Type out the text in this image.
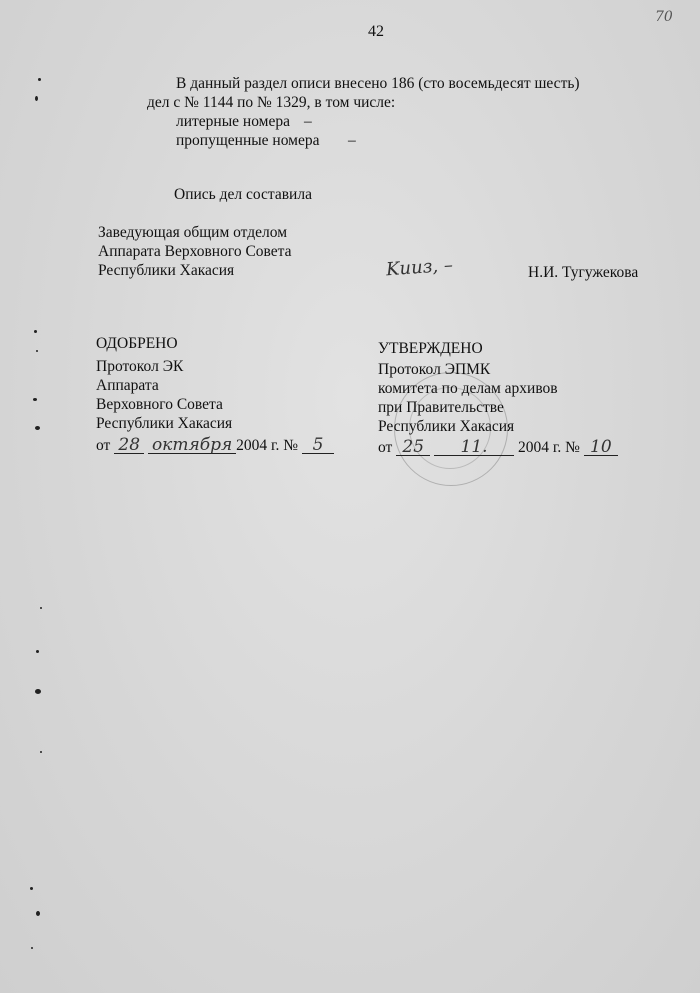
42
70
В данный раздел описи внесено 186 (сто восемьдесят шесть)
дел с № 1144 по № 1329, в том числе:
литерные номера –
пропущенные номера –
Опись дел составила
Заведующая общим отделом
Аппарата Верховного Совета
Республики Хакасия	Kииз, –	Н.И. Тугужекова
ОДОБРЕНО
Протокол ЭК
Аппарата
Верховного Совета
Республики Хакасия
от 28 октября 2004 г. № 5
УТВЕРЖДЕНО
Протокол ЭПМК
комитета по делам архивов
при Правительстве
Республики Хакасия
от 25 11. 2004 г. № 10
